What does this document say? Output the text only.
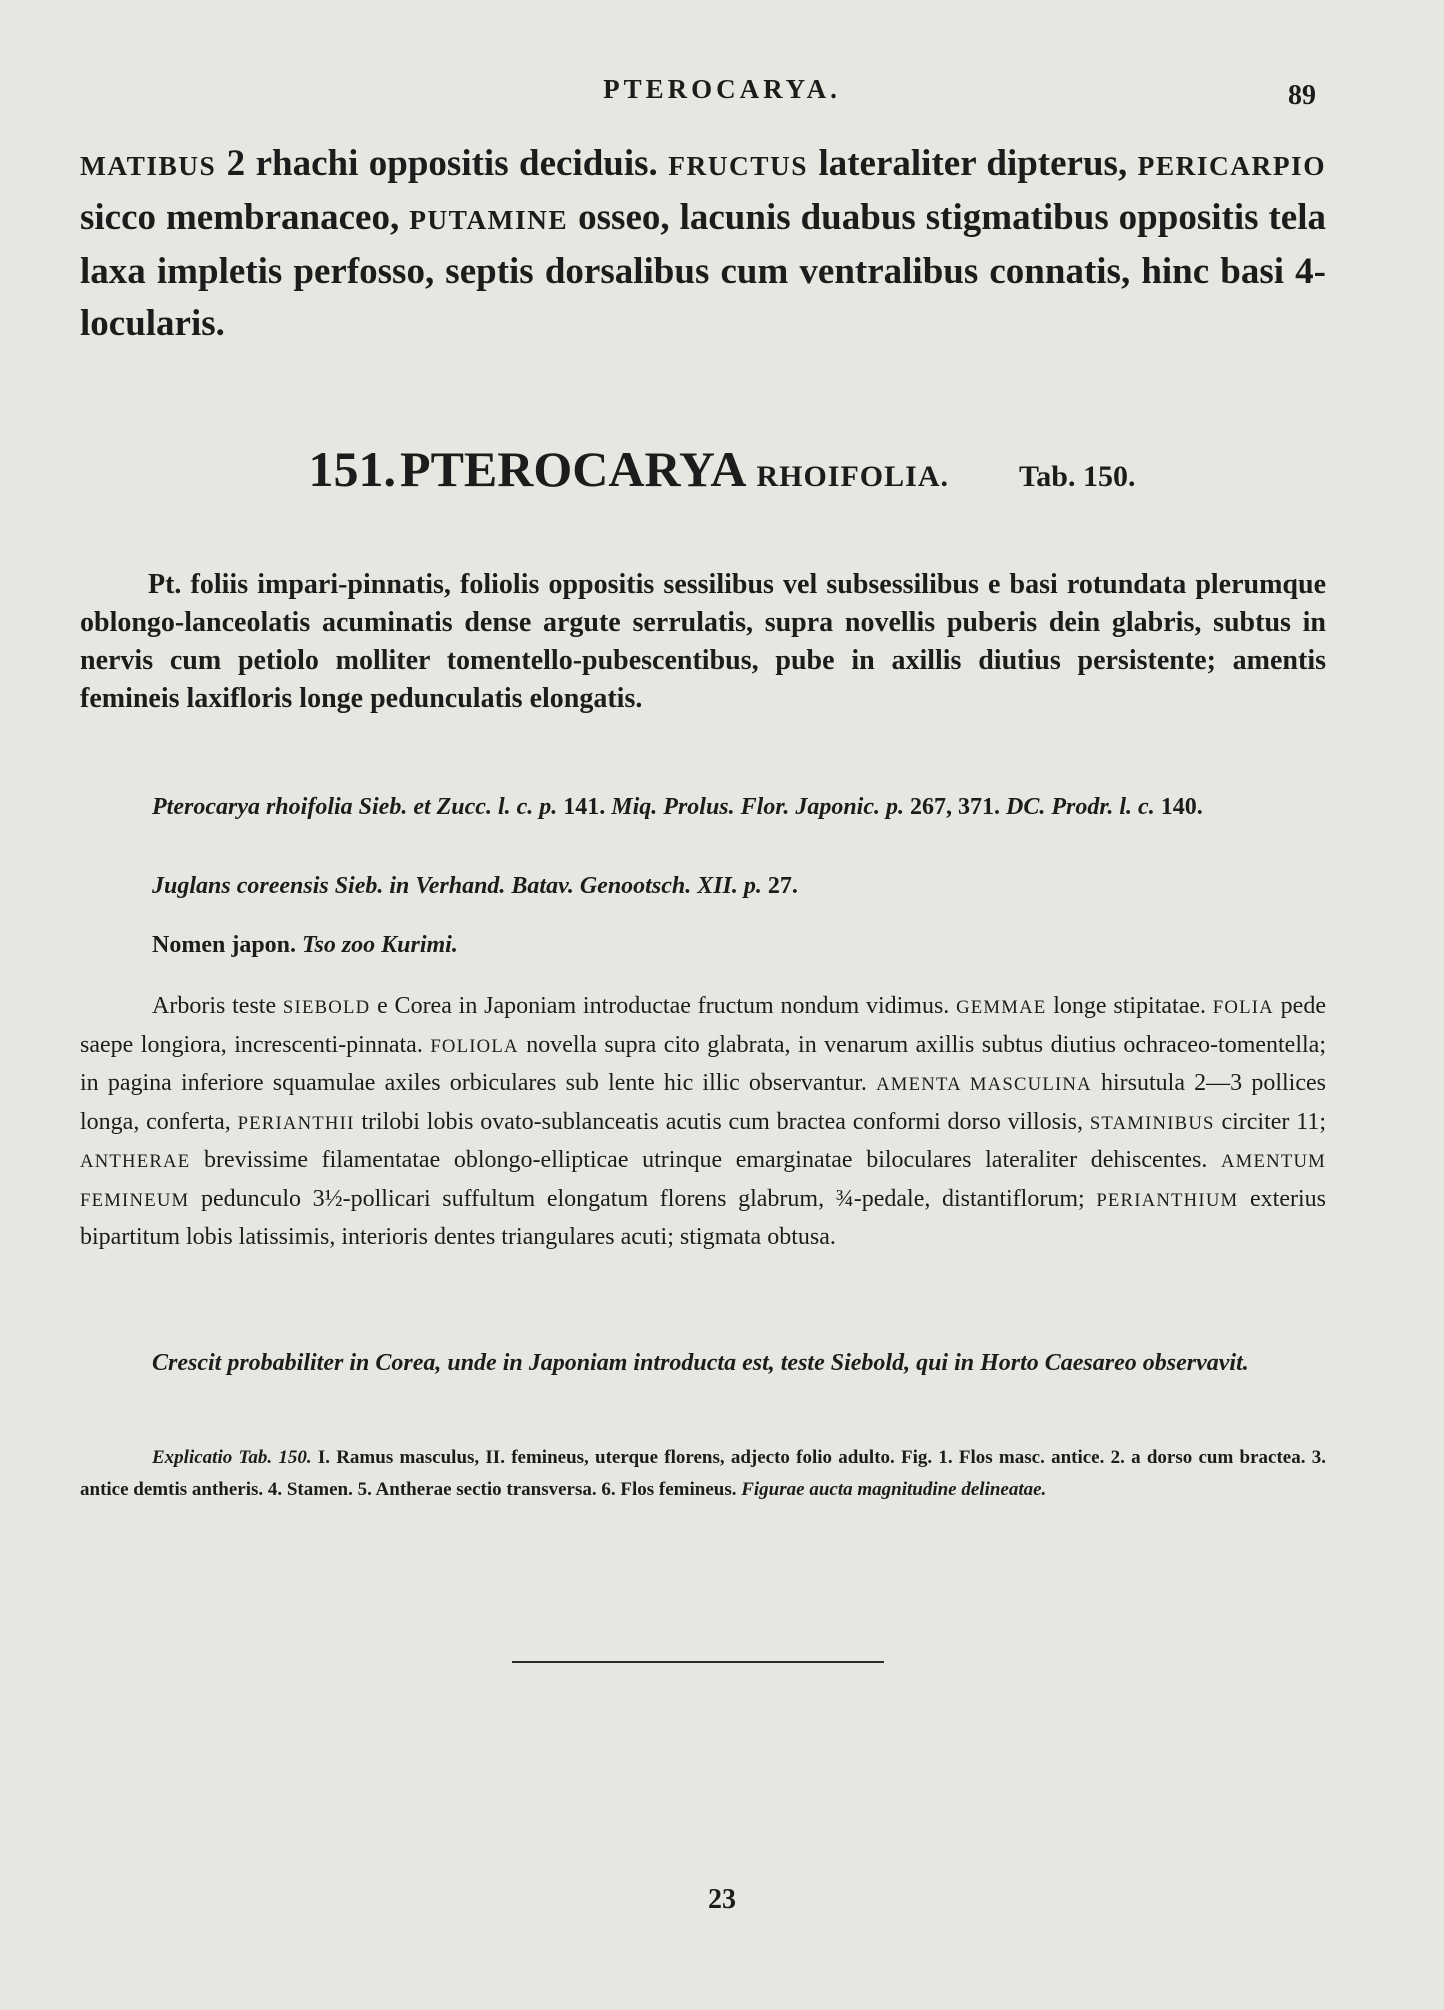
PTEROCARYA.	89
MATIBUS 2 rhachi oppositis deciduis. FRUCTUS lateraliter dipterus, PERICARPIO sicco membranaceo, PUTAMINE osseo, lacunis duabus stigmatibus oppositis tela laxa impletis perfosso, septis dorsalibus cum ventralibus connatis, hinc basi 4-locularis.
151. PTEROCARYA RHOIFOLIA. Tab. 150.
Pt. foliis impari-pinnatis, foliolis oppositis sessilibus vel subsessilibus e basi rotundata plerumque oblongo-lanceolatis acuminatis dense argute serrulatis, supra novellis puberis dein glabris, subtus in nervis cum petiolo molliter tomentello-pubescentibus, pube in axillis diutius persistente; amentis femineis laxifloris longe pedunculatis elongatis.
Pterocarya rhoifolia Sieb. et Zucc. l. c. p. 141. Miq. Prolus. Flor. Japonic. p. 267, 371. DC. Prodr. l. c. 140.
Juglans coreensis Sieb. in Verhand. Batav. Genootsch. XII. p. 27.
Nomen japon. Tso zoo Kurimi.
Arboris teste SIEBOLD e Corea in Japoniam introductae fructum nondum vidimus. GEMMAE longe stipitatae. FOLIA pede saepe longiora, increscenti-pinnata. FOLIOLA novella supra cito glabrata, in venarum axillis subtus diutius ochraceo-tomentella; in pagina inferiore squamulae axiles orbiculares sub lente hic illic observantur. AMENTA MASCULINA hirsutula 2—3 pollices longa, conferta, PERIANTHII trilobi lobis ovato-sublanceatis acutis cum bractea conformi dorso villosis, STAMINIBUS circiter 11; ANTHERAE brevissime filamentatae oblongo-ellipticae utrinque emarginatae biloculares lateraliter dehiscentes. AMENTUM FEMINEUM pedunculo 3½-pollicari suffultum elongatum florens glabrum, ¾-pedale, distantiflorum; PERIANTHIUM exterius bipartitum lobis latissimis, interioris dentes triangulares acuti; stigmata obtusa.
Crescit probabiliter in Corea, unde in Japoniam introducta est, teste Siebold, qui in Horto Caesareo observavit.
Explicatio Tab. 150. I. Ramus masculus, II. femineus, uterque florens, adjecto folio adulto. Fig. 1. Flos masc. antice. 2. a dorso cum bractea. 3. antice demtis antheris. 4. Stamen. 5. Antherae sectio transversa. 6. Flos femineus. Figurae aucta magnitudine delineatae.
23
